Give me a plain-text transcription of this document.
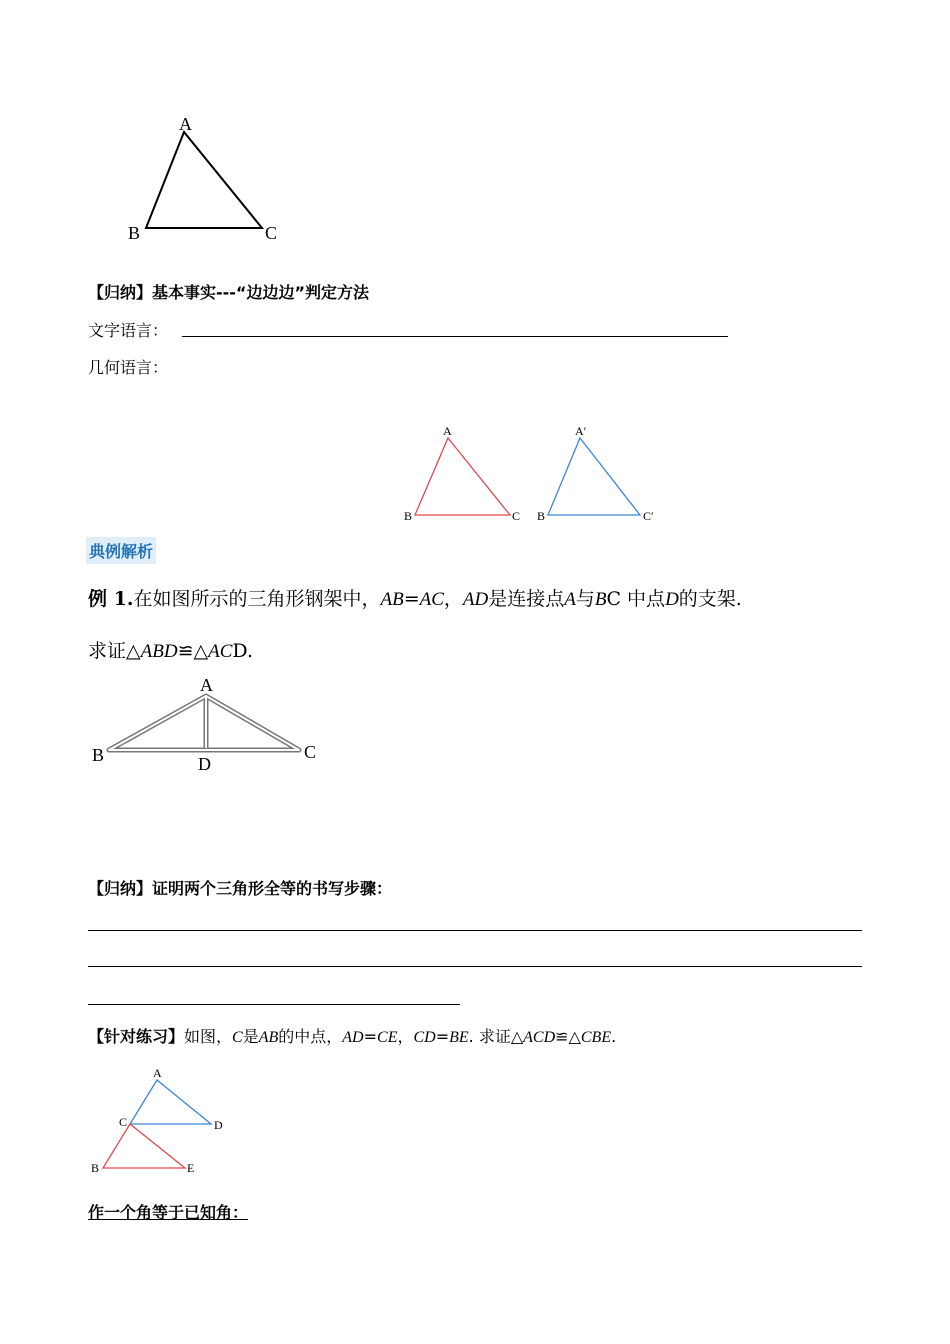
A
B	C
【归纳】基本事实---“边边边”判定方法
文字语言：
几何语言：
A
B	C
A′
B	C′
典例解析
例 1.在如图所示的三角形钢架中，AB=AC，AD是连接点A与BC 中点D的支架.
求证△ABD≌△ACD.
A
B	C
D
【归纳】证明两个三角形全等的书写步骤：
【针对练习】如图，C是AB的中点，AD=CE，CD=BE. 求证△ACD≌△CBE.
A
C	D
B	E
作一个角等于已知角：
